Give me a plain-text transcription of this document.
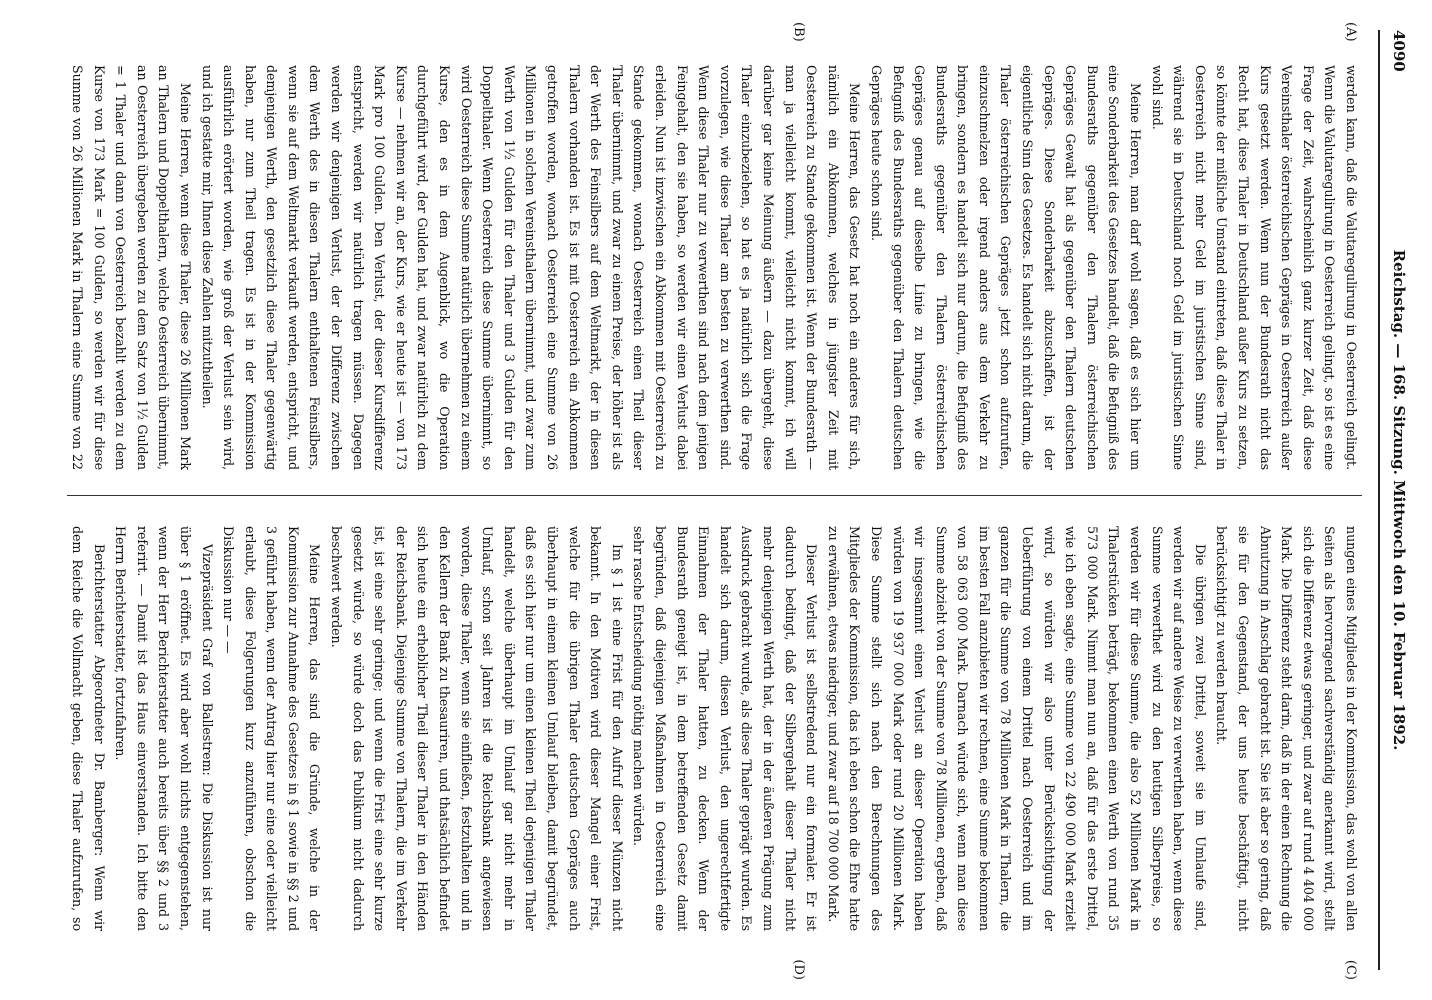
4090
Reichstag. — 168. Sitzung. Mittwoch den 10. Februar 1892.
(A)
(B)
(C)
(D)

werden kann, daß die Valutaregulirung in Oesterreich gelingt. Wenn die Valutaregulirung in Oesterreich gelingt, so ist es eine Frage der Zeit, wahrscheinlich ganz kurzer Zeit, daß diese Vereinsthaler österreichischen Gepräges in Oesterreich außer Kurs gesetzt werden. Wenn nun der Bundesrath nicht das Recht hat, diese Thaler in Deutschland außer Kurs zu setzen, so könnte der mißliche Umstand eintreten, daß diese Thaler in Oesterreich nicht mehr Geld im juristischen Sinne sind, während sie in Deutschland noch Geld im juristischen Sinne wohl sind.

Meine Herren, man darf wohl sagen, daß es sich hier um eine Sonderbarkeit des Gesetzes handelt, daß die Befugniß des Bundesraths gegenüber den Thalern österreichischen Gepräges Gewalt hat als gegenüber den Thalern deutschen Gepräges. Diese Sonderbarkeit abzuschaffen, ist der eigentliche Sinn des Gesetzes. Es handelt sich nicht darum, die Thaler österreichischen Gepräges jetzt schon aufzurufen, einzuschmelzen oder irgend anders aus dem Verkehr zu bringen, sondern es handelt sich nur darum, die Befugniß des Bundesraths gegenüber den Thalern österreichischen Gepräges genau auf dieselbe Linie zu bringen, wie die Befugniß des Bundesraths gegenüber den Thalern deutschen Gepräges heute schon sind.

Meine Herren, das Gesetz hat noch ein anderes für sich, nämlich ein Abkommen, welches in jüngster Zeit mit Oesterreich zu Stande gekommen ist. Wenn der Bundesrath — man ja vielleicht kommt, vielleicht nicht kommt, ich will darüber gar keine Meinung äußern — dazu übergeht, diese Thaler einzubeziehen, so hat es ja natürlich sich die Frage vorzulegen, wie diese Thaler am besten zu verwerthen sind. Wenn diese Thaler nur zu verwerthen sind nach dem jenigen Feingehalt, den sie haben, so werden wir einen Verlust dabei erleiden. Nun ist inzwischen ein Abkommen mit Oesterreich zu Stande gekommen, wonach Oesterreich einen Theil dieser Thaler übernimmt, und zwar zu einem Preise, der höher ist als der Werth des Feinsilbers auf dem Weltmarkt, der in diesen Thalern vorhanden ist. Es ist mit Oesterreich ein Abkommen getroffen worden, wonach Oesterreich eine Summe von 26 Millionen in solchen Vereinsthalern übernimmt, und zwar zum Werth von 1½ Gulden für den Thaler und 3 Gulden für den Doppelthaler. Wenn Oesterreich diese Summe übernimmt, so wird Oesterreich diese Summe natürlich übernehmen zu einem Kurse, den es in dem Augenblick, wo die Operation durchgeführt wird, der Gulden hat, und zwar natürlich zu dem Kurse — nehmen wir an, der Kurs, wie er heute ist — von 173 Mark pro 100 Gulden. Den Verlust, der dieser Kursdifferenz entspricht, werden wir natürlich tragen müssen. Dagegen werden wir denjenigen Verlust, der der Differenz zwischen dem Werth des in diesen Thalern enthaltenen Feinsilbers, wenn sie auf dem Weltmarkt verkauft werden, entspricht, und demjenigen Werth, den gesetzlich diese Thaler gegenwärtig haben, nur zum Theil tragen. Es ist in der Kommission ausführlich erörtert worden, wie groß der Verlust sein wird, und ich gestatte mir, Ihnen diese Zahlen mitzutheilen.

Meine Herren, wenn diese Thaler, diese 26 Millionen Mark an Thalern und Doppelthalern, welche Oesterreich übernimmt, an Oesterreich übergeben werden zu dem Satz von 1½ Gulden = 1 Thaler und dann von Oesterreich bezahlt werden zu dem Kurse von 173 Mark = 100 Gulden, so werden wir für diese Summe von 26 Millionen Mark in Thalern eine Summe von 22

nungen eines Mitgliedes in der Kommission, das wohl von allen Seiten als hervorragend sachverständig anerkannt wird, stellt sich die Differenz etwas geringer, und zwar auf rund 4 404 000 Mark. Die Differenz steht darin, daß in der einen Rechnung die Abnutzung in Anschlag gebracht ist. Sie ist aber so gering, daß sie für den Gegenstand, der uns heute beschäftigt, nicht berücksichtigt zu werden braucht.

Die übrigen zwei Drittel, soweit sie im Umlaufe sind, werden wir auf andere Weise zu verwerthen haben, wenn diese Summe verwerthet wird zu den heutigen Silberpreise, so werden wir für diese Summe, die also 52 Millionen Mark in Thalerstücken beträgt, bekommen einen Werth von rund 35 573 000 Mark. Nimmt man nun an, daß für das erste Drittel, wie ich eben sagte, eine Summe von 22 490 000 Mark erzielt wird, so würden wir also unter Berücksichtigung der Ueberführung von einem Drittel nach Oesterreich und im ganzen für die Summe von 78 Millionen Mark in Thalern, die im besten Fall anzubieten wir rechnen, eine Summe bekommen von 58 063 000 Mark. Darnach würde sich, wenn man diese Summe abzieht von der Summe von 78 Millionen, ergeben, daß wir insgesammt einen Verlust an dieser Operation haben würden von 19 937 000 Mark oder rund 20 Millionen Mark. Diese Summe stellt sich nach den Berechnungen des Mitgliedes der Kommission, das ich eben schon die Ehre hatte zu erwähnen, etwas niedriger, und zwar auf 18 700 000 Mark.

Dieser Verlust ist selbstredend nur ein formaler. Er ist dadurch bedingt, daß der Silbergehalt dieser Thaler nicht mehr denjenigen Werth hat, der in der äußeren Prägung zum Ausdruck gebracht wurde, als diese Thaler geprägt wurden. Es handelt sich darum, diesen Verlust, den ungerechtfertigte Einnahmen der Thaler hatten, zu decken. Wenn der Bundesrath geneigt ist, in dem betreffenden Gesetz damit begründen, daß diejenigen Maßnahmen in Oesterreich eine sehr rasche Entscheidung nöthig machen würden.

Im § 1 ist eine Frist für den Aufruf dieser Münzen nicht bekannt. In den Motiven wird dieser Mangel einer Frist, welche für die übrigen Thaler deutschen Gepräges auch überhaupt in einem kleinen Umlauf bleiben, damit begründet, daß es sich hier nur um einen kleinen Theil derjenigen Thaler handelt, welche überhaupt im Umlauf gar nicht mehr in Umlauf, schon seit Jahren ist die Reichsbank angewiesen worden, diese Thaler, wenn sie einfließen, festzuhalten und in den Kellern der Bank zu thesauriren, und thatsächlich befindet sich heute ein erheblicher Theil dieser Thaler in den Händen der Reichsbank. Diejenige Summe von Thalern, die im Verkehr ist, ist eine sehr geringe; und wenn die Frist eine sehr kurze gesetzt würde, so würde doch das Publikum nicht dadurch beschwert werden.

Meine Herren, das sind die Gründe, welche in der Kommission zur Annahme des Gesetzes in § 1 sowie in §§ 2 und 3 geführt haben, wenn der Antrag hier nur eine oder vielleicht erlaubt, diese Folgerungen kurz anzuführen, obschon die Diskussion nur — —

Vizepräsident Graf von Ballestrem: Die Diskussion ist nur über § 1 eröffnet. Es wird aber wohl nichts entgegenstehen, wenn der Herr Berichterstatter auch bereits über §§ 2 und 3 referirt. — Damit ist das Haus einverstanden. Ich bitte den Herrn Berichterstatter, fortzufahren.

Berichterstatter Abgeordneter Dr. Bamberger: Wenn wir dem Reiche die Vollmacht geben, diese Thaler aufzurufen, so
